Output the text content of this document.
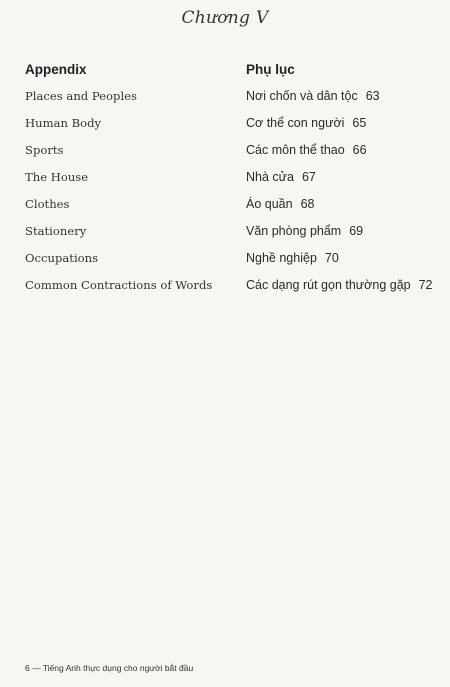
Chương V
Appendix
Places and Peoples
Human Body
Sports
The House
Clothes
Stationery
Occupations
Common Contractions of Words
Phụ lục
Nơi chốn và dân tộc 63
Cơ thể con người 65
Các môn thể thao 66
Nhà cửa 67
Áo quần 68
Văn phòng phẩm 69
Nghề nghiệp 70
Các dạng rút gọn thường gặp 72
6 — Tiếng Anh thực dụng cho người bắt đầu
